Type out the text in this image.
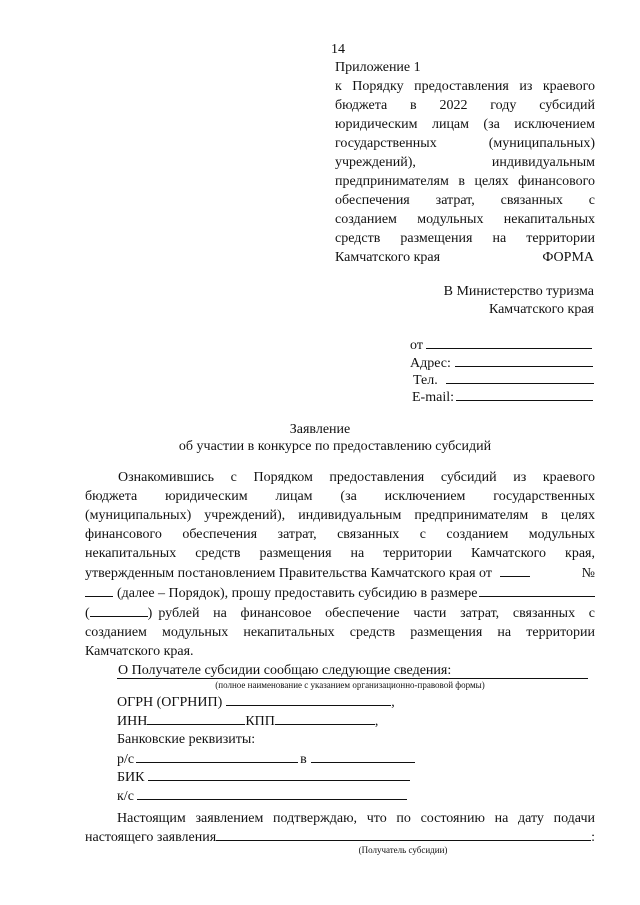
14
Приложение 1
к Порядку предоставления из краевого
бюджета в 2022 году субсидий
юридическим лицам (за исключением
государственных (муниципальных)
учреждений), индивидуальным
предпринимателям в целях финансового
обеспечения затрат, связанных с
созданием модульных некапитальных
средств размещения на территории
Камчатского края	ФОРМА
В Министерство туризма
Камчатского края
от
Адрес:
Тел.
E-mail:
Заявление
об участии в конкурсе по предоставлению субсидий
Ознакомившись с Порядком предоставления субсидий из краевого
бюджета юридическим лицам (за исключением государственных
(муниципальных) учреждений), индивидуальным предпринимателям в целях
финансового обеспечения затрат, связанных с созданием модульных
некапитальных средств размещения на территории Камчатского края,
утвержденным постановлением Правительства Камчатского края от	№
(далее – Порядок), прошу предоставить субсидию в размере
(	) рублей на финансовое обеспечение части затрат, связанных с
созданием модульных некапитальных средств размещения на территории
Камчатского края.
О Получателе субсидии сообщаю следующие сведения:
(полное наименование с указанием организационно-правовой формы)
ОГРН (ОГРНИП)	,
ИНН	КПП	,
Банковские реквизиты:
р/с	в
БИК
к/с
Настоящим заявлением подтверждаю, что по состоянию на дату подачи
настоящего заявления	:
(Получатель субсидии)
